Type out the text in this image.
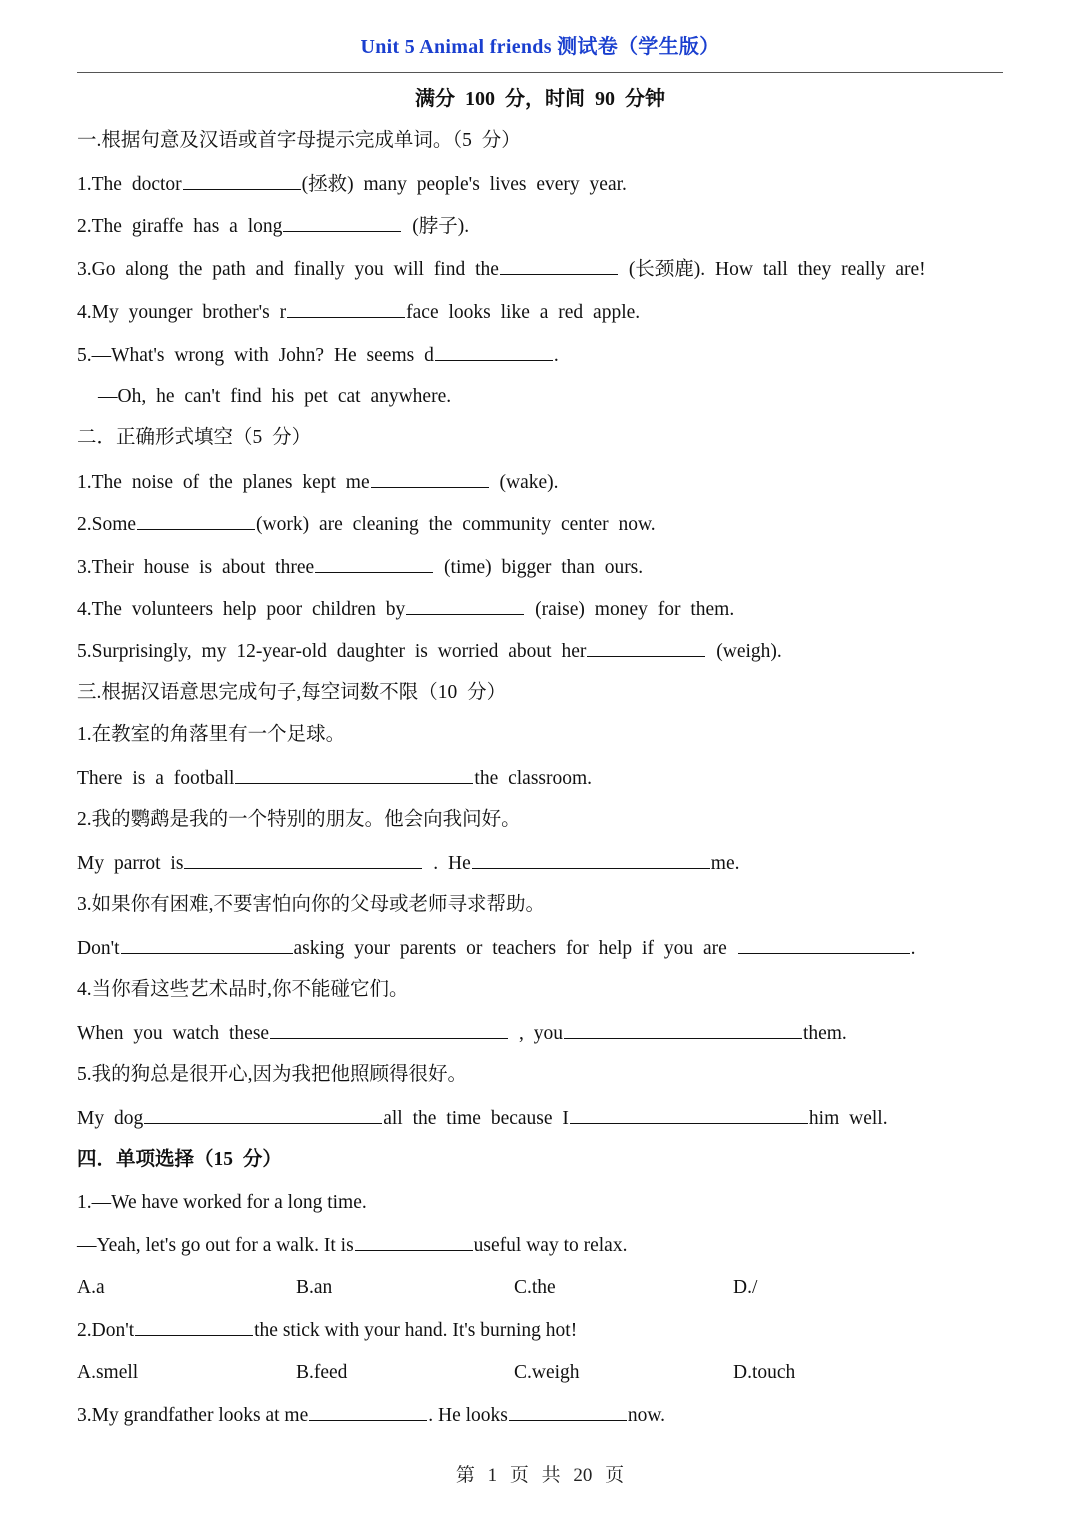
Unit 5 Animal friends 测试卷（学生版）
满分 100 分，时间 90 分钟
一.根据句意及汉语或首字母提示完成单词。（5 分）
1.The doctor	(拯救) many people's lives every year.
2.The giraffe has a long	(脖子).
3.Go along the path and finally you will find the	(长颈鹿). How tall they really are!
4.My younger brother's r	face looks like a red apple.
5.—What's wrong with John? He seems d	.
—Oh, he can't find his pet cat anywhere.
二．正确形式填空（5 分）
1.The noise of the planes kept me	(wake).
2.Some	(work) are cleaning the community center now.
3.Their house is about three	(time) bigger than ours.
4.The volunteers help poor children by	(raise) money for them.
5.Surprisingly, my 12-year-old daughter is worried about her	(weigh).
三.根据汉语意思完成句子,每空词数不限（10 分）
1.在教室的角落里有一个足球。
There is a football	the classroom.
2.我的鹦鹉是我的一个特别的朋友。他会向我问好。
My parrot is	. He	me.
3.如果你有困难,不要害怕向你的父母或老师寻求帮助。
Don't	asking your parents or teachers for help if you are	.
4.当你看这些艺术品时,你不能碰它们。
When you watch these	, you	them.
5.我的狗总是很开心,因为我把他照顾得很好。
My dog	all the time because I	him well.
四．单项选择（15 分）
1.—We have worked for a long time.
—Yeah, let's go out for a walk. It is	useful way to relax.
A.a	B.an	C.the	D./
2.Don't	the stick with your hand. It's burning hot!
A.smell	B.feed	C.weigh	D.touch
3.My grandfather looks at me	. He looks	now.
第 1 页 共 20 页
